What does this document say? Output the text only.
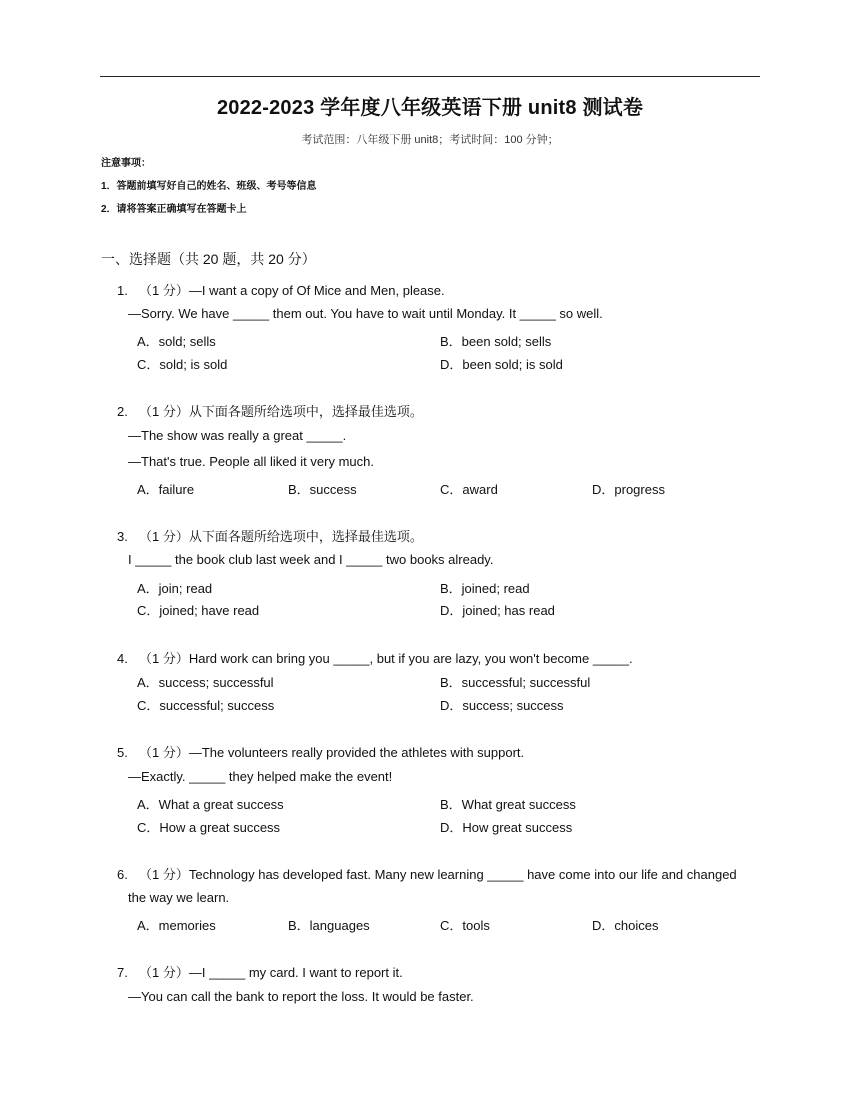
2022-2023 学年度八年级英语下册 unit8 测试卷
考试范围：八年级下册 unit8；考试时间：100 分钟；
注意事项：
1．答题前填写好自己的姓名、班级、考号等信息
2．请将答案正确填写在答题卡上
一、选择题（共 20 题，共 20 分）
1. （1 分）—I want a copy of Of Mice and Men, please.
—Sorry. We have _____ them out. You have to wait until Monday. It _____ so well.
A．sold; sells	B．been sold; sells
C．sold; is sold	D．been sold; is sold
2. （1 分）从下面各题所给选项中，选择最佳选项。
—The show was really a great _____.
—That's true. People all liked it very much.
A．failure	B．success	C．award	D．progress
3. （1 分）从下面各题所给选项中，选择最佳选项。
I _____ the book club last week and I _____ two books already.
A．join; read	B．joined; read
C．joined; have read	D．joined; has read
4. （1 分）Hard work can bring you _____, but if you are lazy, you won't become _____.
A．success; successful	B．successful; successful
C．successful; success	D．success; success
5. （1 分）—The volunteers really provided the athletes with support.
—Exactly. _____ they helped make the event!
A．What a great success	B．What great success
C．How a great success	D．How great success
6. （1 分）Technology has developed fast. Many new learning _____ have come into our life and changed
the way we learn.
A．memories	B．languages	C．tools	D．choices
7. （1 分）—I _____ my card. I want to report it.
—You can call the bank to report the loss. It would be faster.
